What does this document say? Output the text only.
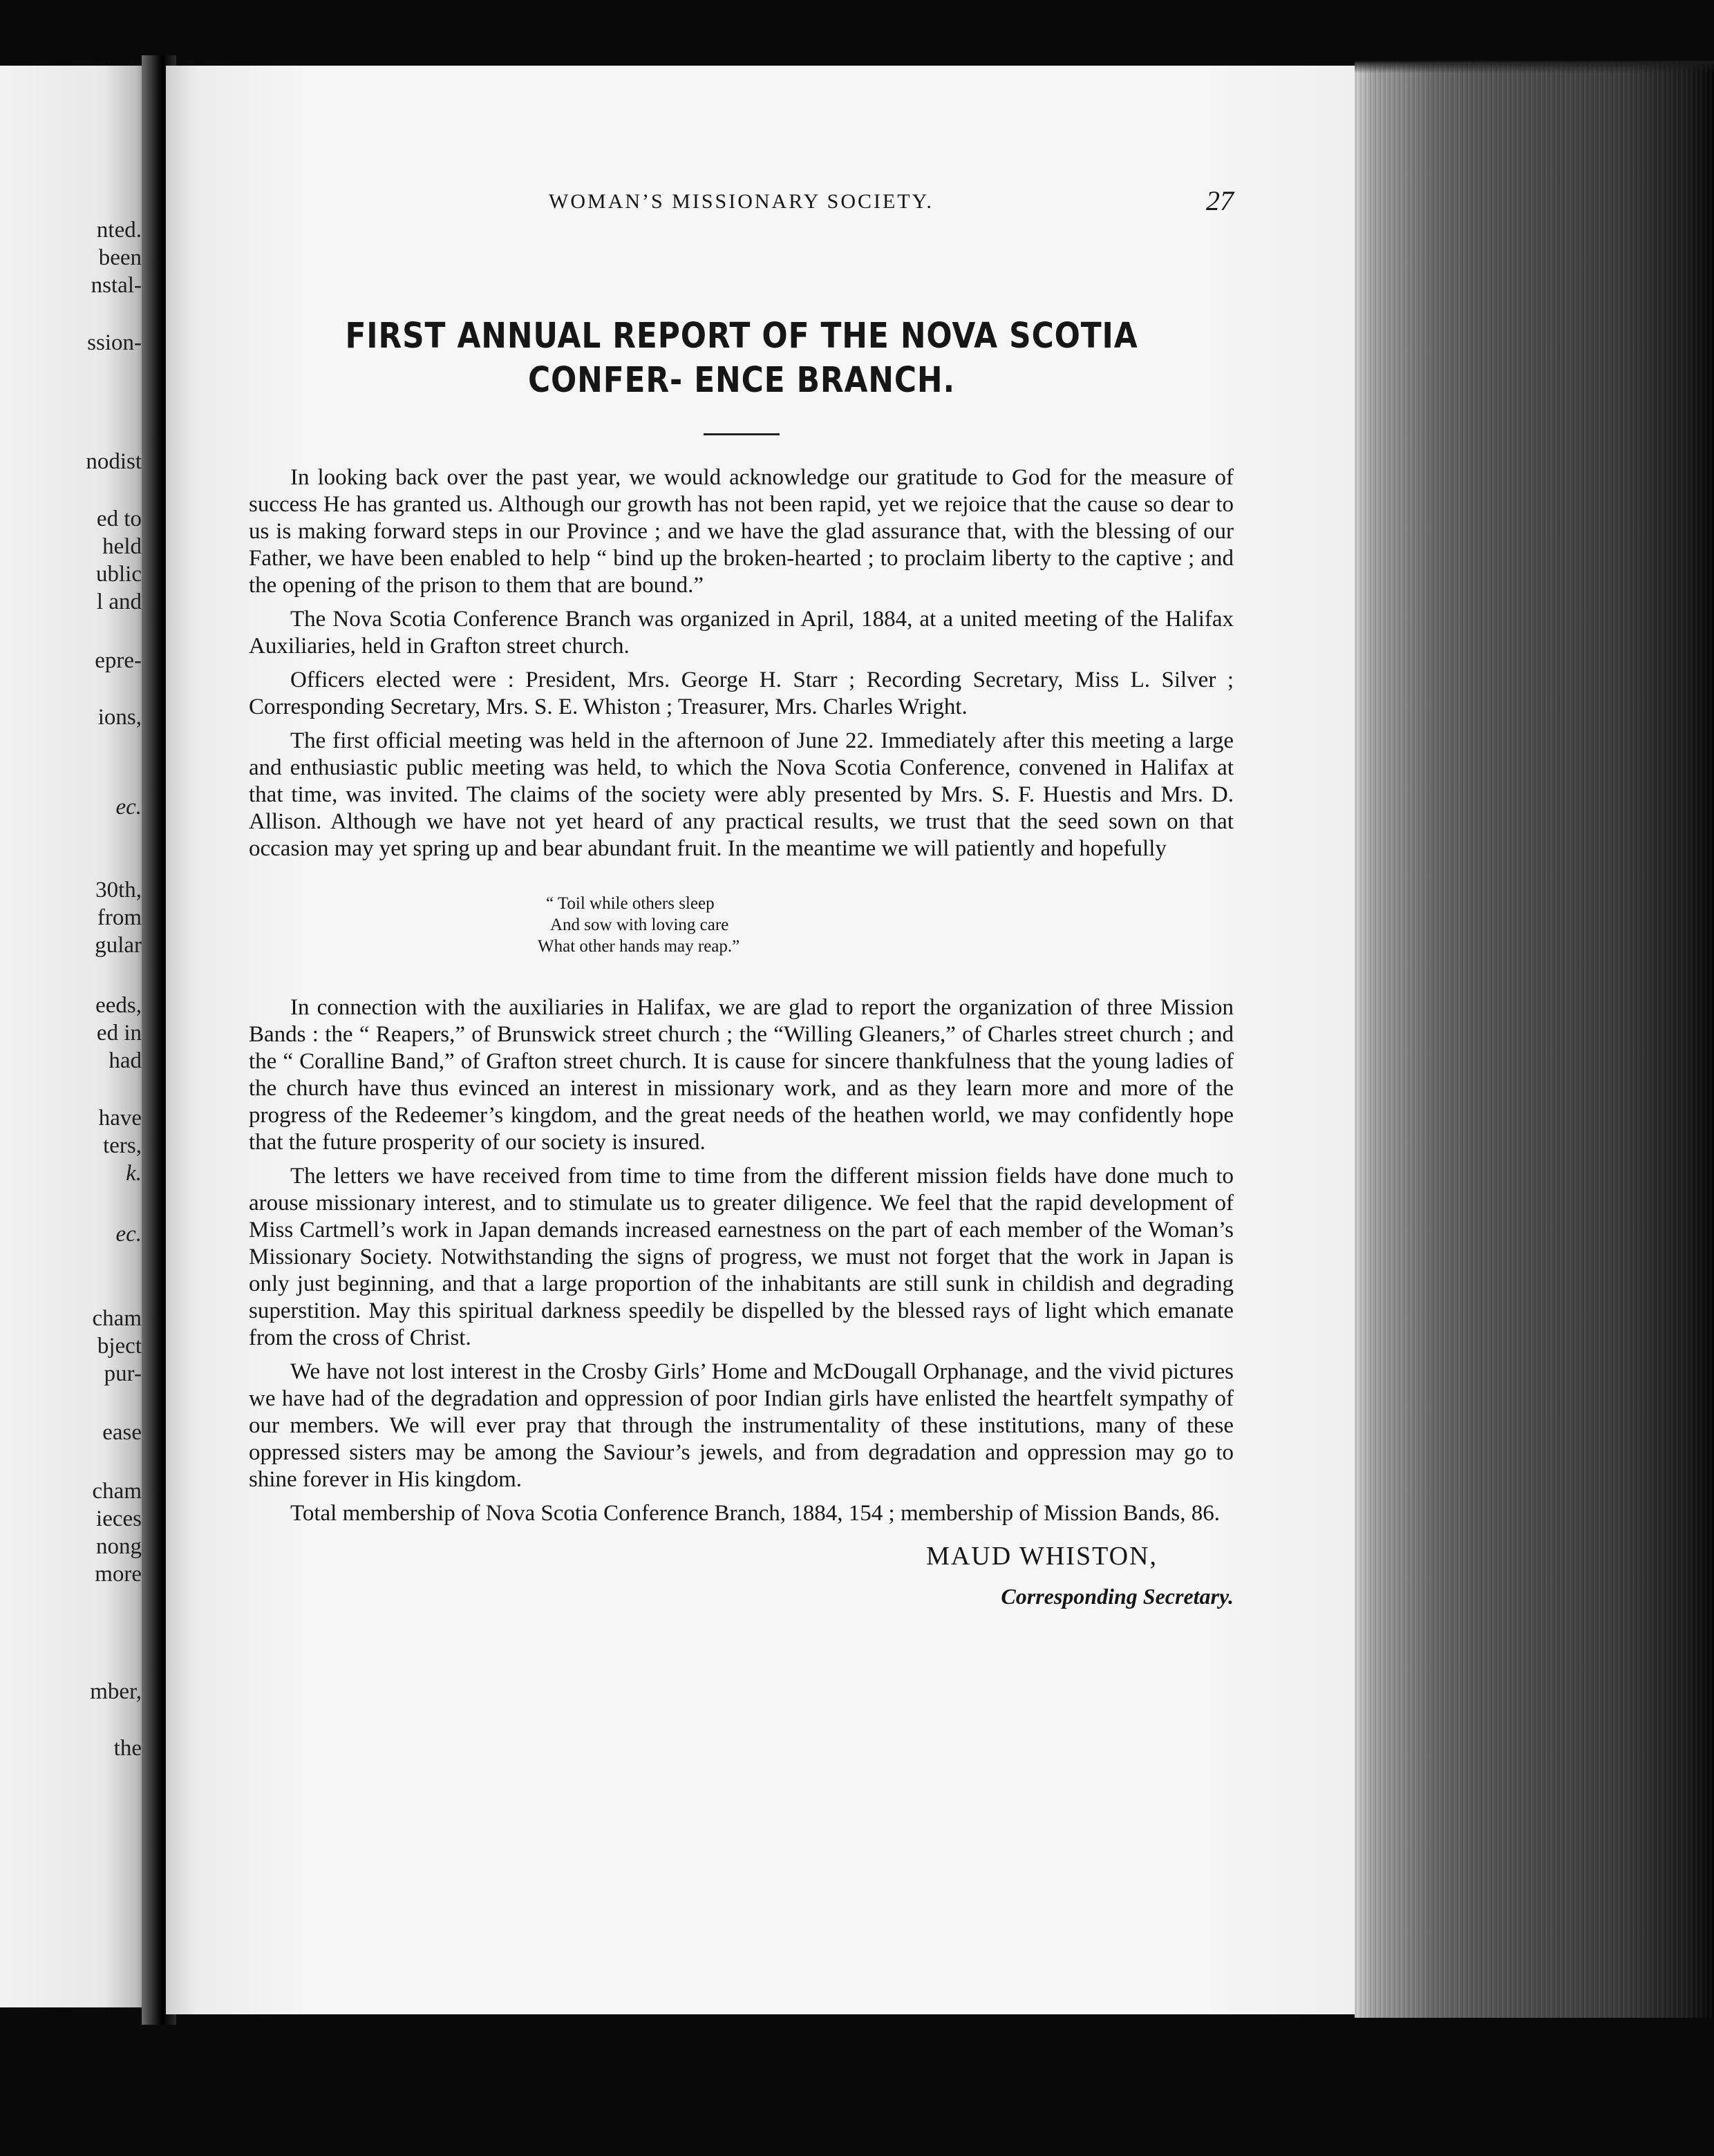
nted.
been
nstal-
ssion-
nodist
ed to
held
ublic
l and
epre-
ions,
ec.
30th,
from
gular
eeds,
ed in
had
have
ters,
k.
ec.
cham
bject
pur-
ease
cham
ieces
nong
more
mber,
the
WOMAN’S MISSIONARY SOCIETY.	27
FIRST ANNUAL REPORT OF THE NOVA SCOTIA CONFER- ENCE BRANCH.

In looking back over the past year, we would acknowledge our gratitude to God for the measure of success He has granted us. Although our growth has not been rapid, yet we rejoice that the cause so dear to us is making forward steps in our Province ; and we have the glad assurance that, with the blessing of our Father, we have been enabled to help “ bind up the broken-hearted ; to proclaim liberty to the captive ; and the opening of the prison to them that are bound.”

The Nova Scotia Conference Branch was organized in April, 1884, at a united meeting of the Halifax Auxiliaries, held in Grafton street church.

Officers elected were : President, Mrs. George H. Starr ; Recording Secretary, Miss L. Silver ; Corresponding Secretary, Mrs. S. E. Whiston ; Treasurer, Mrs. Charles Wright.

The first official meeting was held in the afternoon of June 22. Immediately after this meeting a large and enthusiastic public meeting was held, to which the Nova Scotia Conference, convened in Halifax at that time, was invited. The claims of the society were ably presented by Mrs. S. F. Huestis and Mrs. D. Allison. Although we have not yet heard of any practical results, we trust that the seed sown on that occasion may yet spring up and bear abundant fruit. In the meantime we will patiently and hopefully

“ Toil while others sleep
And sow with loving care
What other hands may reap.”

In connection with the auxiliaries in Halifax, we are glad to report the organization of three Mission Bands : the “ Reapers,” of Brunswick street church ; the “Willing Gleaners,” of Charles street church ; and the “ Coralline Band,” of Grafton street church. It is cause for sincere thankfulness that the young ladies of the church have thus evinced an interest in missionary work, and as they learn more and more of the progress of the Redeemer’s kingdom, and the great needs of the heathen world, we may confidently hope that the future prosperity of our society is insured.

The letters we have received from time to time from the different mission fields have done much to arouse missionary interest, and to stimulate us to greater diligence. We feel that the rapid development of Miss Cartmell’s work in Japan demands increased earnestness on the part of each member of the Woman’s Missionary Society. Notwithstanding the signs of progress, we must not forget that the work in Japan is only just beginning, and that a large proportion of the inhabitants are still sunk in childish and degrading superstition. May this spiritual darkness speedily be dispelled by the blessed rays of light which emanate from the cross of Christ.

We have not lost interest in the Crosby Girls’ Home and McDougall Orphanage, and the vivid pictures we have had of the degradation and oppression of poor Indian girls have enlisted the heartfelt sympathy of our members. We will ever pray that through the instrumentality of these institutions, many of these oppressed sisters may be among the Saviour’s jewels, and from degradation and oppression may go to shine forever in His kingdom.

Total membership of Nova Scotia Conference Branch, 1884, 154 ; membership of Mission Bands, 86.

MAUD WHISTON,
Corresponding Secretary.
